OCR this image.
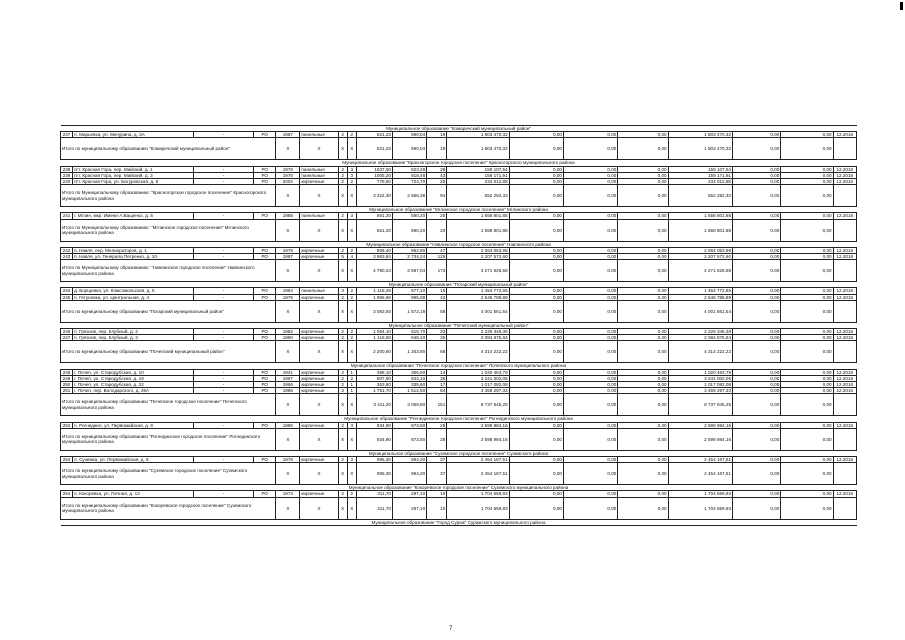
Муниципальное образование "Комаричский муниципальный район"																		
237	п. Марьевка, ул. Мичурина, д. 3А	-	РО	1987	панельные	2	2	621,23	590,04	19	1 803 470,32	0,00	0,00	0,00	1 803 470,32	0,00	0,00	12.2016
Итого по муниципальному образованию "Комаричский муниципальный район"				Х	Х	Х	Х	621,23	590,04	19	1 803 470,32	0,00	0,00	0,00	1 803 470,32	0,00	0,00	
Муниципальное образование "Красногорское городское поселение" Красногорского муниципального района																		
238	пгт. Красная Гора, пер. Майский, д. 1	-	РО	1978	панельные	2	3	1537,60	823,28	28	159 107,54	0,00	0,00	0,00	159 107,54	0,00	0,00	12.2016
239	пгт. Красная Гора, пер. Майский, д. 3	-	РО	1976	панельные	2	3	1005,20	918,48	43	159 171,91	0,00	0,00	0,00	159 171,91	0,00	0,00	12.2016
240	пгт. Красная Гора, ул. Батуровская, д. 8	-	РО	2002	кирпичные	2	2	779,50	724,70	25	234 012,88	0,00	0,00	0,00	234 012,88	0,00	0,00	12.2016
Итого по Муниципальному образованию: "Красногорское городское поселение" Красногорского муниципального района				Х	Х	Х	Х	3 322,30	2 566,38	94	552 292,33	0,00	0,00	0,00	552 292,33	0,00	0,00	
Муниципальное образование "Мглинское городское поселение" Мглинского района																		
241	г. Мглин, мкр. Имени А.Ващенко, д. 5	-	РО	1985	панельные	2	3	661,20	590,20	20	1 658 801,88	0,00	0,00	0,00	1 658 801,88	0,00	0,00	12.2016
Итого по Муниципальному образованию: "Мглинское городское поселение" Мглинского муниципального района				Х	Х	Х	Х	661,20	590,20	20	1 658 801,88	0,00	0,00	0,00	1 658 801,88	0,00	0,00	
Муниципальное образование "Навлинское городское поселение" Навлинского района																		
242	п. Навля, пер. Мелиораторов, д. 1	-	РО	1976	кирпичные	2	2	806,40	862,80	47	2 064 053,98	0,00	0,00	0,00	2 064 053,98	0,00	0,00	12.2016
243	п. Навля, ул. Генерала Петренко, д. 10	-	РО	1987	кирпичные	5	4	3 983,84	2 734,24	126	2 207 572,60	0,00	0,00	0,00	2 207 572,60	0,00	0,00	12.2016
Итого по Муниципальному образованию: "Навлинское городское поселение" Навлинского муниципального района				Х	Х	Х	Х	4 790,24	3 597,04	173	4 271 626,58	0,00	0,00	0,00	4 271 626,58	0,00	0,00	
Муниципальное образование "Погарский муниципальный район"																		
244	д. Борщевка, ул. Комсомольская, д. 5	-	РО	1984	панельные	3	2	1 118,26	577,10	15	1 454 772,65	0,00	0,00	0,00	1 454 772,65	0,00	0,00	12.2016
245	п. Гетуновка, ул. Центральная, д. 4	-	РО	1975	кирпичные	2	2	1 965,66	995,08	43	2 546 788,89	0,00	0,00	0,00	2 546 788,89	0,00	0,00	12.2016
Итого по муниципальному образованию "Погарский муниципальный район"				Х	Х	Х	Х	3 083,92	1 572,18	58	4 001 561,54	0,00	0,00	0,00	4 001 561,54	0,00	0,00	
Муниципальное образование "Почепский муниципальный район"																		
246	п. Грязнов, пер. Клубный, д. 2	-	РО	1982	кирпичные	2	2	1 084,10	615,70	33	2 229 346,38	0,00	0,00	0,00	2 229 346,38	0,00	0,00	12.2016
247	п. Грязнов, пер. Клубный, д. 3	-	РО	1990	кирпичные	2	2	1 116,50	648,10	35	2 084 875,84	0,00	0,00	0,00	2 084 875,84	0,00	0,00	12.2016
Итого по муниципальному образованию "Почепский муниципальный район"				Х	Х	Х	Х	2 200,60	1 263,80	68	4 314 222,22	0,00	0,00	0,00	4 314 222,22	0,00	0,00	
Муниципальное образование "Почепское городское поселение" Почепского муниципального района																		
248	г. Почеп, ул. Стародубская, д. 10	-	РО	1941	кирпичные	2	1	388,10	356,60	14	1 020 463,79	0,00	0,00	0,00	1 020 463,79	0,00	0,00	12.2016
249	г. Почеп, ул. Стародубская, д. 19	-	РО	1967	кирпичные	2	2	907,90	844,10	36	3 241 002,05	0,00	0,00	0,00	3 241 002,05	0,00	0,00	12.2016
250	г. Почеп, ул. Стародубская, д. 22	-	РО	1966	кирпичные	2	1	353,60	335,60	17	1 017 082,08	0,00	0,00	0,00	1 017 082,08	0,00	0,00	12.2016
251	г. Почеп, пер. Володарского, д. 26А	-	РО	1986	кирпичные	3	1	1 751,70	1 512,50	84	3 459 297,33	0,00	0,00	0,00	3 459 297,33	0,00	0,00	12.2016
Итого по муниципальному образованию "Почепское городское поселение" Почепского муниципального района				Х	Х	Х	Х	3 411,20	3 059,80	151	8 737 845,25	0,00	0,00	0,00	8 737 845,25	0,00	0,00	
Муниципальное образование "Рогнединское городское поселение" Рогнединского муниципального района																		
252	п. Рогнедино, ул. Первомайская, д. 9	-	РО	1985	кирпичные	2	3	934,90	873,50	28	2 598 984,16	0,00	0,00	0,00	2 598 984,16	0,00	0,00	12.2016
Итого по муниципальному образованию "Рогнединское городское поселение" Рогнединского муниципального района				Х	Х	Х	Х	934,90	873,50	28	2 598 984,16	0,00	0,00	0,00	2 598 984,16	0,00	0,00	
Муниципальное образование "Суземское городское поселение" Суземского района																		
253	п. Суземка, ул. Первомайская, д. 8	-	РО	1976	кирпичные	2	3	995,30	894,20	37	2 454 167,51	0,00	0,00	0,00	2 454 167,51	0,00	0,00	12.2016
Итого по муниципальному образованию "Суземское городское поселение" Суземского муниципального района				Х	Х	Х	Х	995,30	894,20	37	2 454 167,51	0,00	0,00	0,00	2 454 167,51	0,00	0,00	
Муниципальное образование "Кокоревское городское поселение" Суземского муниципального района																		
254	п. Кокоревка, ул. Печная, д. 13	-	РО	1973	кирпичные	2	2	311,70	297,10	10	1 704 659,93	0,00	0,00	0,00	1 704 659,93	0,00	0,00	12.2016
Итого по муниципальному образованию "Кокоревское городское поселение" Суземского муниципального района				Х	Х	Х	Х	311,70	297,10	10	1 704 659,93	0,00	0,00	0,00	1 704 659,93	0,00	0,00	
Муниципальное образование "Город Сураж" Суражского муниципального района																		
7
